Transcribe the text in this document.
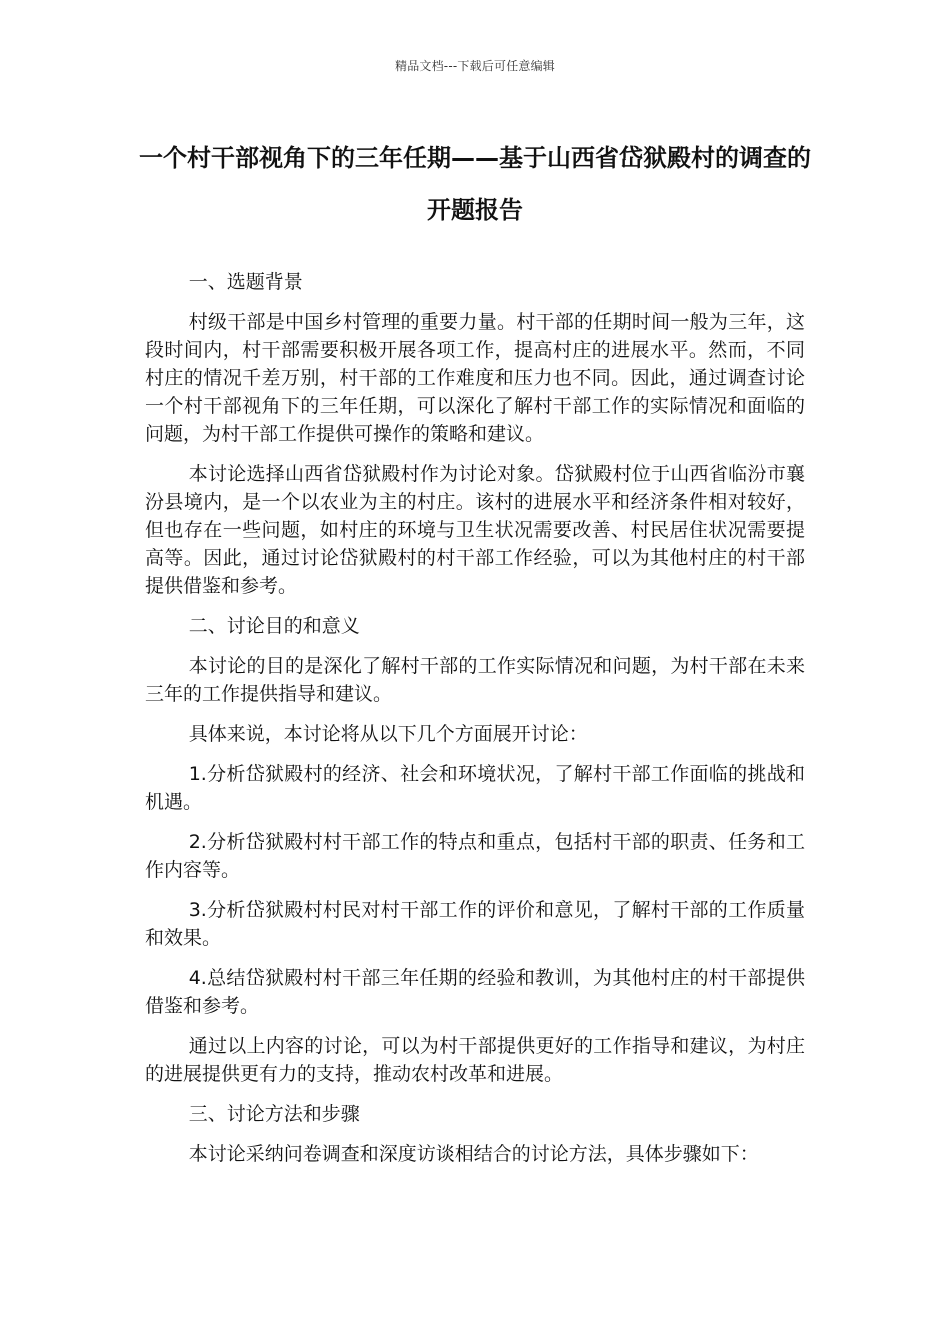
精品文档---下载后可任意编辑
一个村干部视角下的三年任期——基于山西省岱狱殿村的调查的开题报告

一、选题背景

村级干部是中国乡村管理的重要力量。村干部的任期时间一般为三年，这段时间内，村干部需要积极开展各项工作，提高村庄的进展水平。然而，不同村庄的情况千差万别，村干部的工作难度和压力也不同。因此，通过调查讨论一个村干部视角下的三年任期，可以深化了解村干部工作的实际情况和面临的问题，为村干部工作提供可操作的策略和建议。

本讨论选择山西省岱狱殿村作为讨论对象。岱狱殿村位于山西省临汾市襄汾县境内，是一个以农业为主的村庄。该村的进展水平和经济条件相对较好，但也存在一些问题，如村庄的环境与卫生状况需要改善、村民居住状况需要提高等。因此，通过讨论岱狱殿村的村干部工作经验，可以为其他村庄的村干部提供借鉴和参考。

二、讨论目的和意义

本讨论的目的是深化了解村干部的工作实际情况和问题，为村干部在未来三年的工作提供指导和建议。

具体来说，本讨论将从以下几个方面展开讨论：

1.分析岱狱殿村的经济、社会和环境状况，了解村干部工作面临的挑战和机遇。

2.分析岱狱殿村村干部工作的特点和重点，包括村干部的职责、任务和工作内容等。

3.分析岱狱殿村村民对村干部工作的评价和意见，了解村干部的工作质量和效果。

4.总结岱狱殿村村干部三年任期的经验和教训，为其他村庄的村干部提供借鉴和参考。

通过以上内容的讨论，可以为村干部提供更好的工作指导和建议，为村庄的进展提供更有力的支持，推动农村改革和进展。

三、讨论方法和步骤

本讨论采纳问卷调查和深度访谈相结合的讨论方法，具体步骤如下：
